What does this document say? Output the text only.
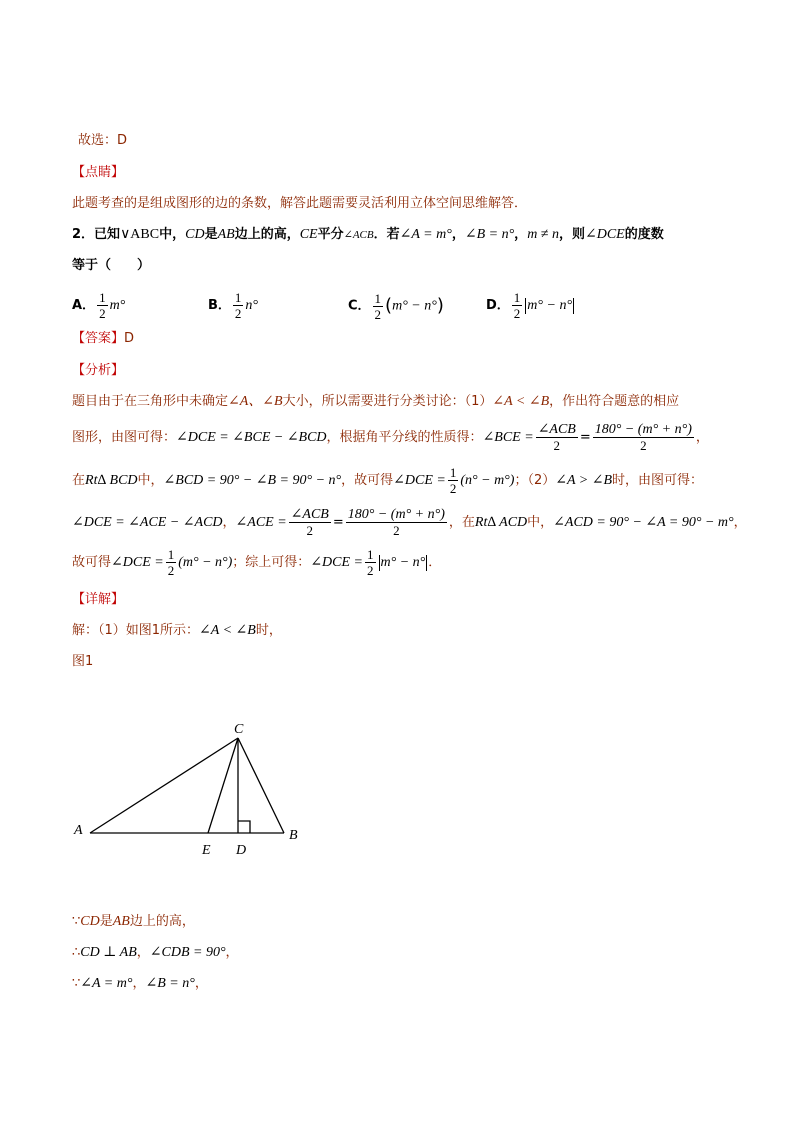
故选：D
【点睛】
此题考查的是组成图形的边的条数，解答此题需要灵活利用立体空间思维解答．
2．已知∨ABC中，CD是AB边上的高，CE平分∠ACB．若∠A = m°，∠B = n°，m ≠ n，则∠DCE的度数
等于（　　）
A． $\frac{1}{2} m^\circ$	B． $\frac{1}{2} n^\circ$	C． $\frac{1}{2} (m^\circ - n^\circ)$	D． $\frac{1}{2} m^\circ - n^\circ$
【答案】D
【分析】
题目由于在三角形中未确定∠A、∠B大小，所以需要进行分类讨论：（1）∠A < ∠B，作出符合题意的相应
图形，由图可得：∠DCE = ∠BCE − ∠BCD，根据角平分线的性质得：∠BCE = $\frac{\text{∠ACB}}{2} = \frac{180^\circ - (m^\circ + n^\circ)}{2}$ ，
在Rt∆ BCD中，∠BCD = 90° − ∠B = 90° − n°，故可得∠DCE = $\frac{1}{2} (n^\circ - m^\circ)$；（2）∠A > ∠B时，由图可得：
∠DCE = ∠ACE − ∠ACD，∠ACE = $\frac{\text{∠ACB}}{2} = \frac{180^\circ - (m^\circ + n^\circ)}{2}$ ，在Rt∆ ACD中，∠ACD = 90° − ∠A = 90° − m°，
故可得∠DCE = $\frac{1}{2} (m^\circ - n^\circ)$；综上可得：∠DCE = $\frac{1}{2} m^\circ - n^\circ$ ．
【详解】
解：（1）如图1所示：∠A < ∠B时，
图1
C
A	B
E D
∵CD是AB边上的高，
∴CD ⊥ AB，∠CDB = 90°，
∵∠A = m°，∠B = n°，
